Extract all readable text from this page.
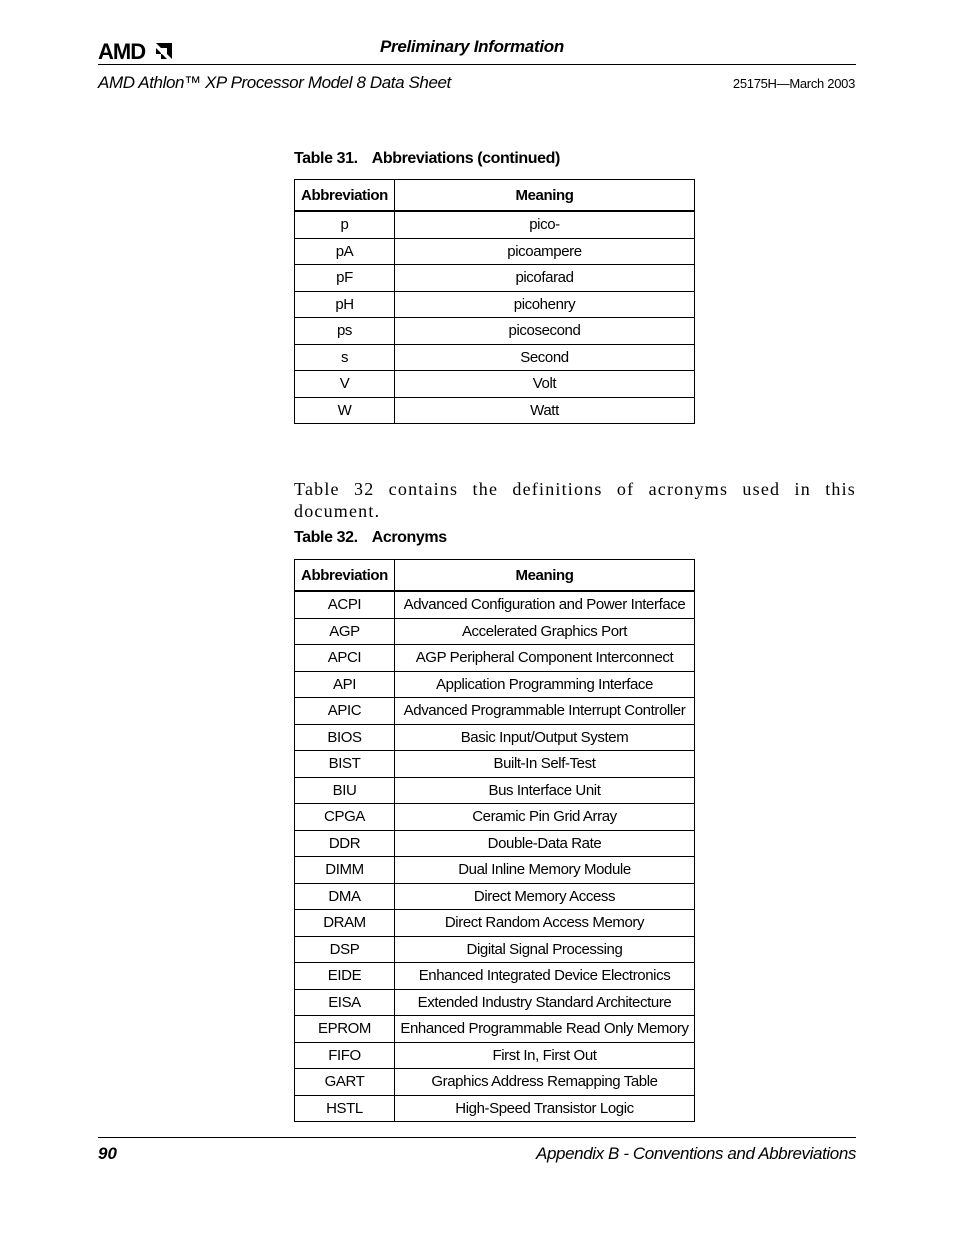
AMD	Preliminary Information
AMD Athlon™ XP Processor Model 8 Data Sheet	25175H—March 2003
Table 31. Abbreviations (continued)
Abbreviation	Meaning
p	pico-
pA	picoampere
pF	picofarad
pH	picohenry
ps	picosecond
s	Second
V	Volt
W	Watt

Table 32 contains the definitions of acronyms used in this document.

Table 32. Acronyms
Abbreviation	Meaning
ACPI	Advanced Configuration and Power Interface
AGP	Accelerated Graphics Port
APCI	AGP Peripheral Component Interconnect
API	Application Programming Interface
APIC	Advanced Programmable Interrupt Controller
BIOS	Basic Input/Output System
BIST	Built-In Self-Test
BIU	Bus Interface Unit
CPGA	Ceramic Pin Grid Array
DDR	Double-Data Rate
DIMM	Dual Inline Memory Module
DMA	Direct Memory Access
DRAM	Direct Random Access Memory
DSP	Digital Signal Processing
EIDE	Enhanced Integrated Device Electronics
EISA	Extended Industry Standard Architecture
EPROM	Enhanced Programmable Read Only Memory
FIFO	First In, First Out
GART	Graphics Address Remapping Table
HSTL	High-Speed Transistor Logic
90	Appendix B - Conventions and Abbreviations
